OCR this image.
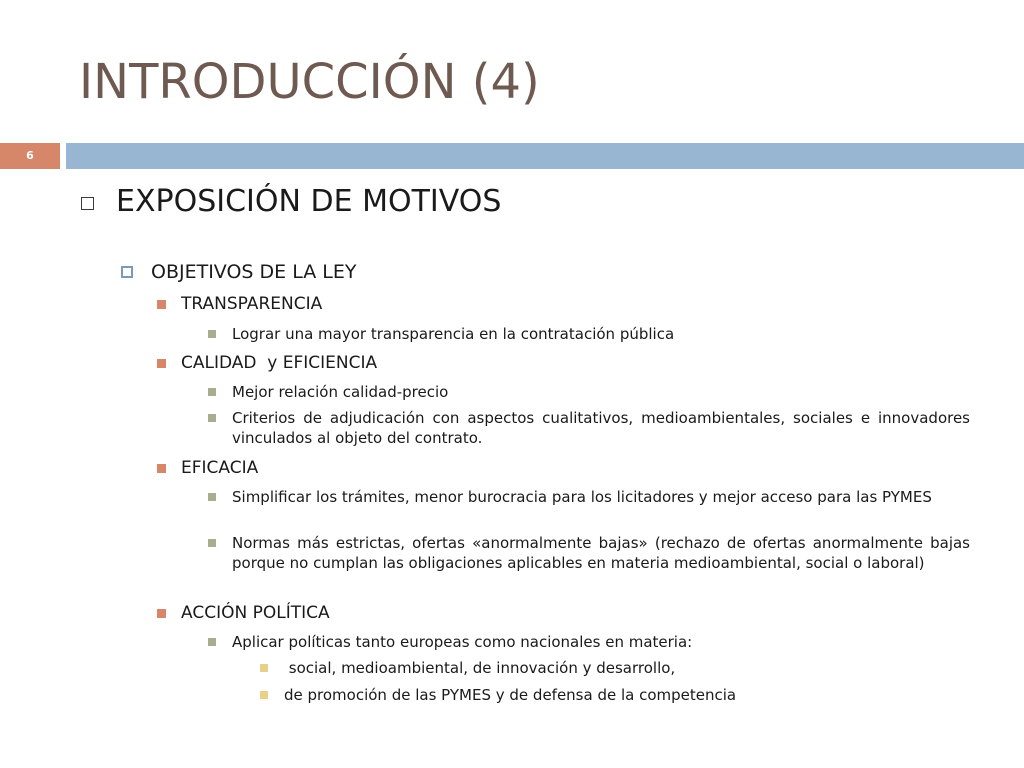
INTRODUCCIÓN (4)
6
EXPOSICIÓN DE MOTIVOS
OBJETIVOS DE LA LEY
TRANSPARENCIA
Lograr una mayor transparencia en la contratación pública
CALIDAD  y EFICIENCIA
Mejor relación calidad-precio
Criterios de adjudicación con aspectos cualitativos, medioambientales, sociales e innovadores vinculados al objeto del contrato.
EFICACIA
Simplificar los trámites, menor burocracia para los licitadores y mejor acceso para las PYMES
Normas más estrictas, ofertas «anormalmente bajas» (rechazo de ofertas anormalmente bajas porque no cumplan las obligaciones aplicables en materia medioambiental, social o laboral)
ACCIÓN POLÍTICA
Aplicar políticas tanto europeas como nacionales en materia:
social, medioambiental, de innovación y desarrollo,
de promoción de las PYMES y de defensa de la competencia
